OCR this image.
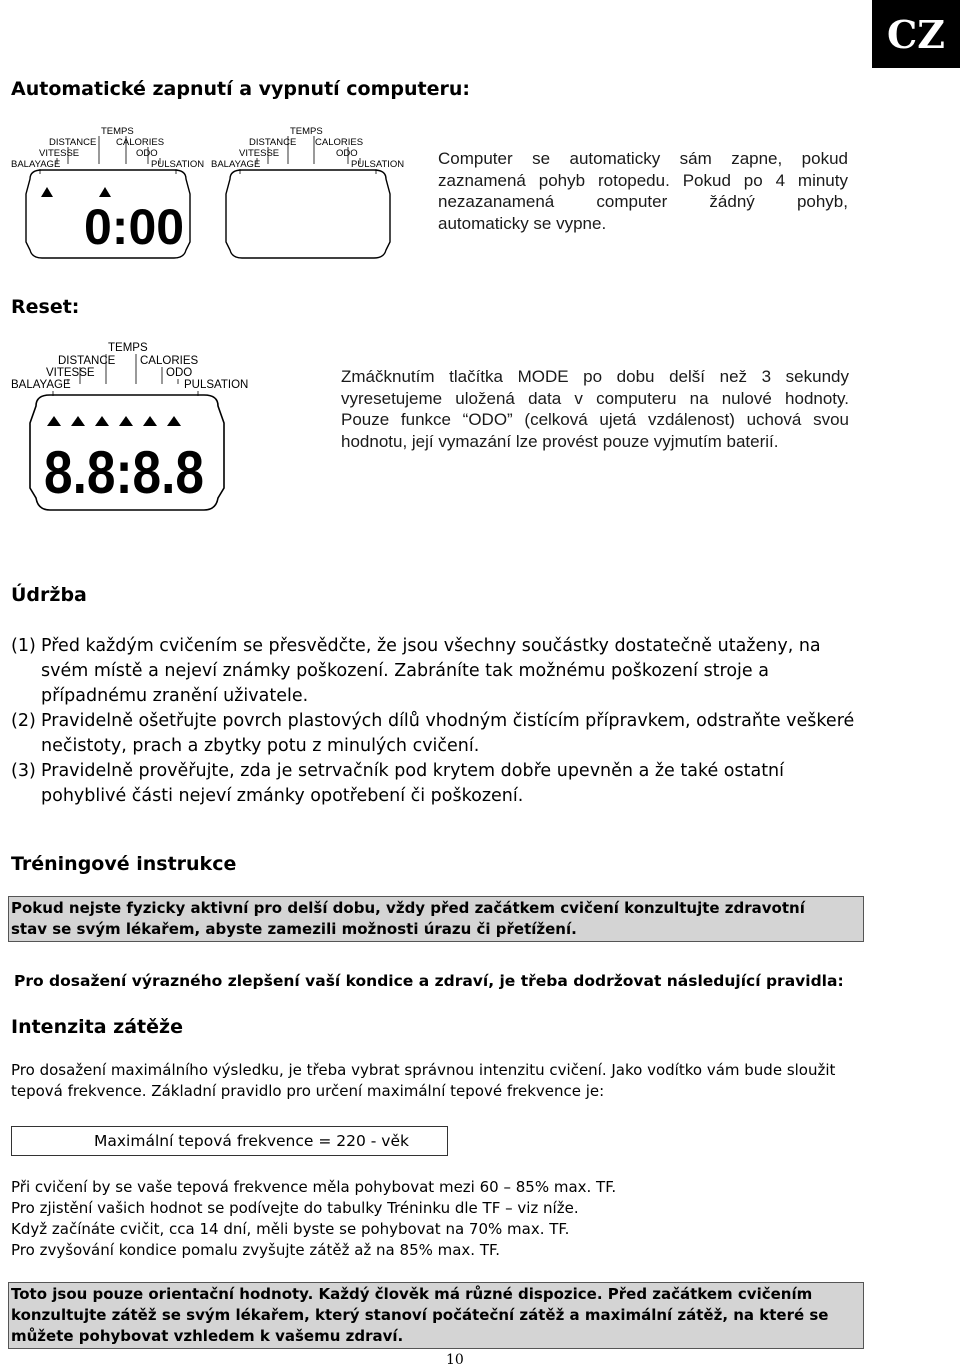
CZ
Automatické zapnutí a vypnutí computeru:
TEMPS
DISTANCE CALORIES
VITESSE	ODO
BALAYAGE	PULSATION
0:00
TEMPS
DISTANCE CALORIES
VITESSE	ODO
BALAYAGE	PULSATION Computer se automaticky sám zapne, pokud
zaznamená pohyb rotopedu. Pokud po 4 minuty
nezazanamená computer žádný pohyb,
automaticky se vypne.
Reset:
TEMPS
DISTANCE CALORIES
VITESSE	ODO
BALAYAGE	PULSATION
8.8:8.8
Zmáčknutím tlačítka MODE po dobu delší než 3 sekundy
vyresetujeme uložená data v computeru na nulové hodnoty.
Pouze funkce “ODO” (celková ujetá vzdálenost) uchová svou
hodnotu, její vymazání lze provést pouze vyjmutím baterií.
Údržba
(1) Před každým cvičením se přesvědčte, že jsou všechny součástky dostatečně utaženy, na
svém místě a nejeví známky poškození. Zabráníte tak možnému poškození stroje a
případnému zranění uživatele.
(2) Pravidelně ošetřujte povrch plastových dílů vhodným čistícím přípravkem, odstraňte veškeré
nečistoty, prach a zbytky potu z minulých cvičení.
(3) Pravidelně prověřujte, zda je setrvačník pod krytem dobře upevněn a že také ostatní
pohyblivé části nejeví zmánky opotřebení či poškození.
Tréningové instrukce
Pokud nejste fyzicky aktivní pro delší dobu, vždy před začátkem cvičení konzultujte zdravotní
stav se svým lékařem, abyste zamezili možnosti úrazu či přetížení.
Pro dosažení výrazného zlepšení vaší kondice a zdraví, je třeba dodržovat následující pravidla:
Intenzita zátěže
Pro dosažení maximálního výsledku, je třeba vybrat správnou intenzitu cvičení. Jako vodítko vám bude sloužit
tepová frekvence. Základní pravidlo pro určení maximální tepové frekvence je:
Maximální tepová frekvence = 220 - věk
Při cvičení by se vaše tepová frekvence měla pohybovat mezi 60 – 85% max. TF.
Pro zjistění vašich hodnot se podívejte do tabulky Tréninku dle TF – viz níže.
Když začínáte cvičit, cca 14 dní, měli byste se pohybovat na 70% max. TF.
Pro zvyšování kondice pomalu zvyšujte zátěž až na 85% max. TF.
Toto jsou pouze orientační hodnoty. Každý člověk má různé dispozice. Před začátkem cvičením
konzultujte zátěž se svým lékařem, který stanoví počáteční zátěž a maximální zátěž, na které se
můžete pohybovat vzhledem k vašemu zdraví.
10
